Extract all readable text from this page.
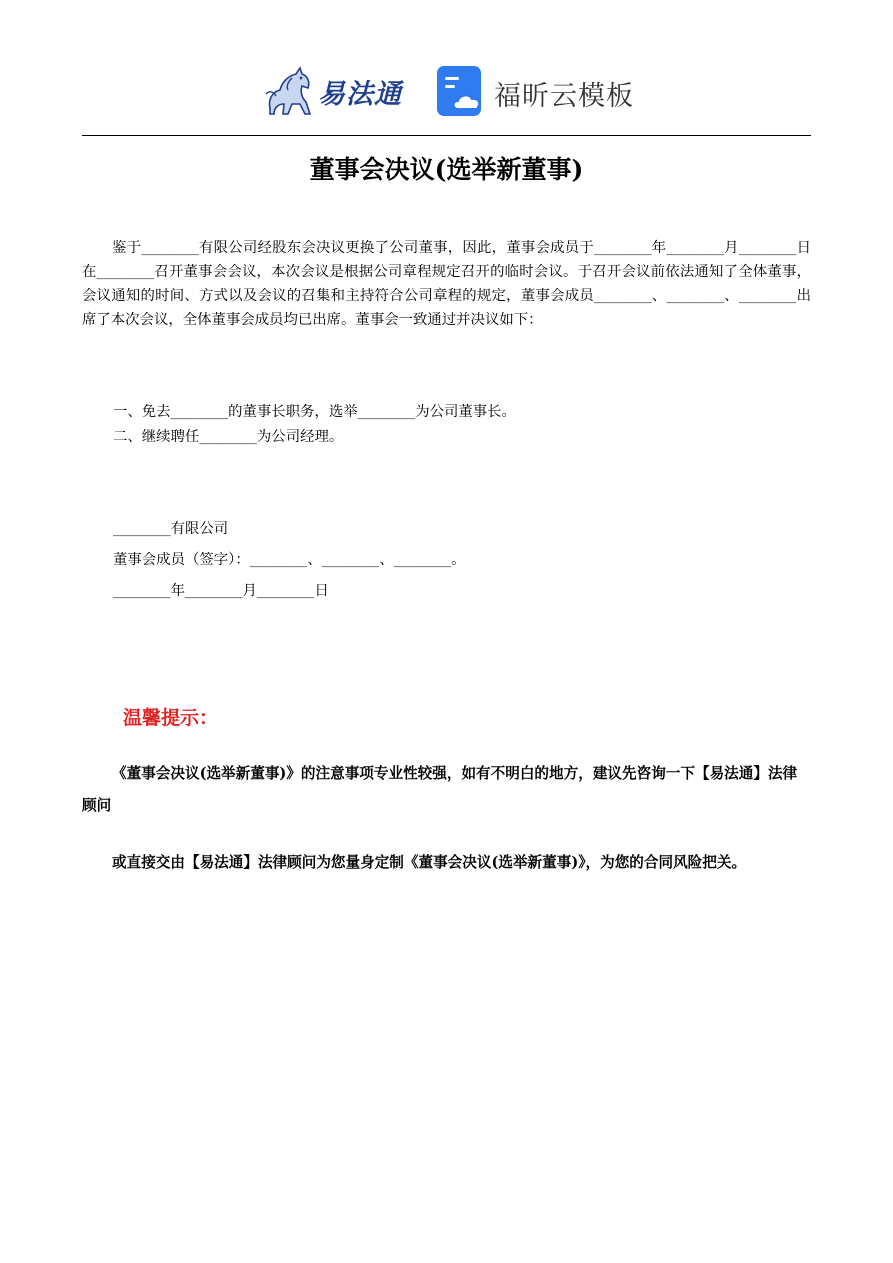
易法通	福昕云模板
董事会决议(选举新董事)
鉴于________有限公司经股东会决议更换了公司董事，因此，董事会成员于________年________月________日在________召开董事会会议，本次会议是根据公司章程规定召开的临时会议。于召开会议前依法通知了全体董事，会议通知的时间、方式以及会议的召集和主持符合公司章程的规定，董事会成员________、________、________出席了本次会议，全体董事会成员均已出席。董事会一致通过并决议如下：
一、免去________的董事长职务，选举________为公司董事长。
二、继续聘任________为公司经理。
________有限公司
董事会成员（签字）：________、________、________。
________年________月________日
温馨提示：
《董事会决议(选举新董事)》的注意事项专业性较强，如有不明白的地方，建议先咨询一下【易法通】法律顾问
或直接交由【易法通】法律顾问为您量身定制《董事会决议(选举新董事)》，为您的合同风险把关。
